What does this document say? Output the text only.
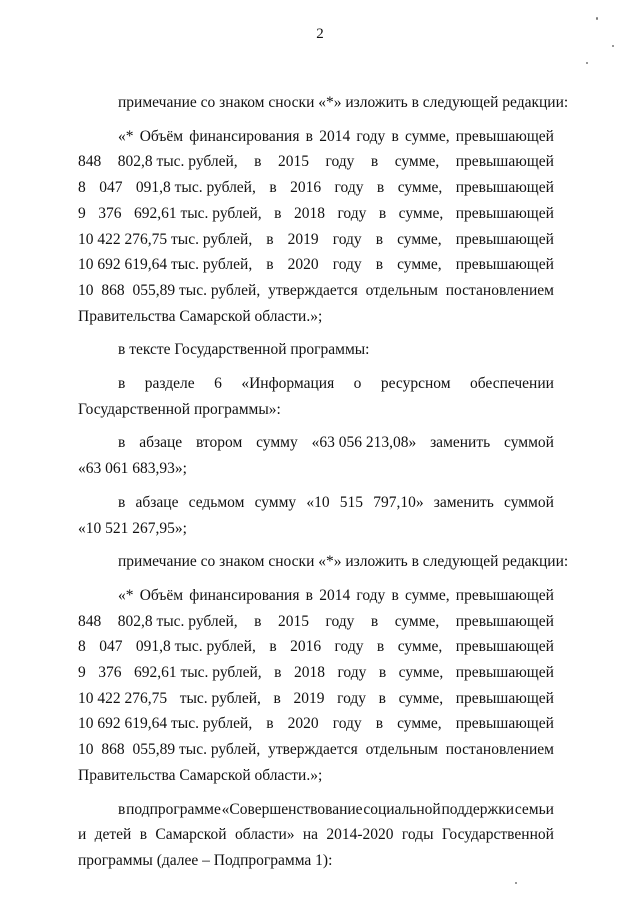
2
примечание со знаком сноски «*» изложить в следующей редакции:
«* Объём финансирования в 2014 году в сумме, превышающей
848 802,8 тыс. рублей, в 2015 году в сумме, превышающей
8 047 091,8 тыс. рублей, в 2016 году в сумме, превышающей
9 376 692,61 тыс. рублей, в 2018 году в сумме, превышающей
10 422 276,75 тыс. рублей, в 2019 году в сумме, превышающей
10 692 619,64 тыс. рублей, в 2020 году в сумме, превышающей
10 868 055,89 тыс. рублей, утверждается отдельным постановлением
Правительства Самарской области.»;
в тексте Государственной программы:
в разделе 6 «Информация о ресурсном обеспечении
Государственной программы»:
в абзаце втором сумму «63 056 213,08» заменить суммой
«63 061 683,93»;
в абзаце седьмом сумму «10 515 797,10» заменить суммой
«10 521 267,95»;
примечание со знаком сноски «*» изложить в следующей редакции:
«* Объём финансирования в 2014 году в сумме, превышающей
848 802,8 тыс. рублей, в 2015 году в сумме, превышающей
8 047 091,8 тыс. рублей, в 2016 году в сумме, превышающей
9 376 692,61 тыс. рублей, в 2018 году в сумме, превышающей
10 422 276,75 тыс. рублей, в 2019 году в сумме, превышающей
10 692 619,64 тыс. рублей, в 2020 году в сумме, превышающей
10 868 055,89 тыс. рублей, утверждается отдельным постановлением
Правительства Самарской области.»;
в подпрограмме «Совершенствование социальной поддержки семьи
и детей в Самарской области» на 2014-2020 годы Государственной
программы (далее – Подпрограмма 1):
